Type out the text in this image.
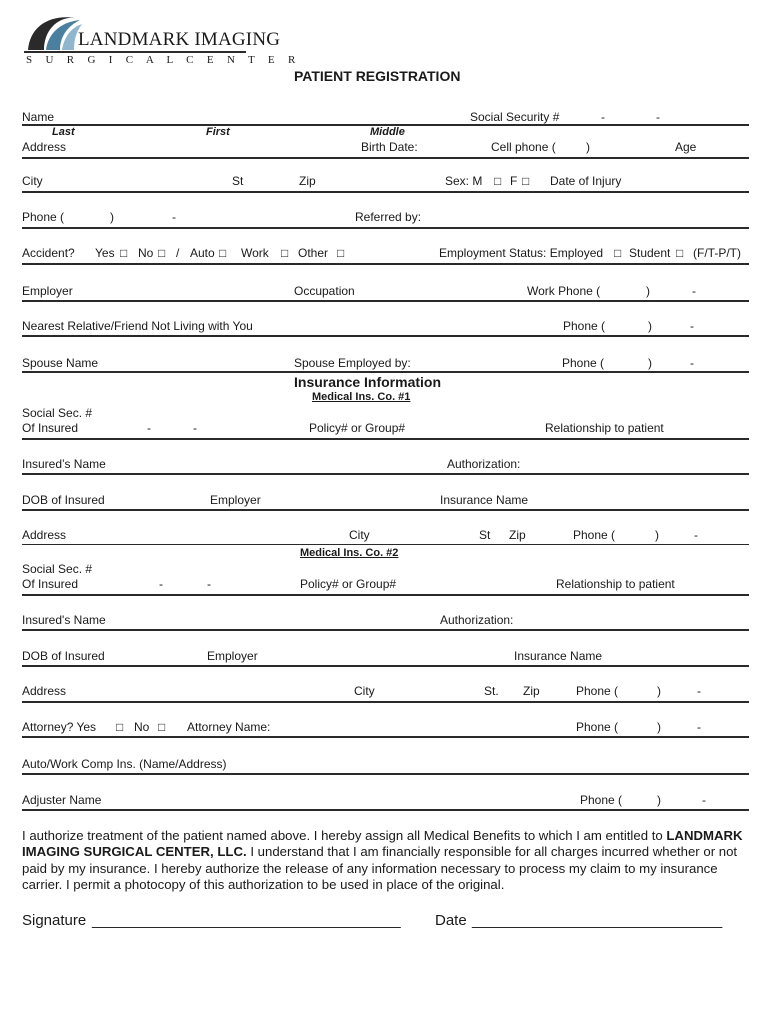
LANDMARK IMAGING
S U R G I C A L C E N T E R
PATIENT REGISTRATION
Name	Social Security #	-	-
Last	First	Middle
Address	Birth Date:	Cell phone (	)	Age
City	St	Zip	Sex: M □ F □ Date of Injury
Phone (	)	-	Referred by:
Accident? Yes □ No □ / Auto □ Work □ Other □	Employment Status: Employed □ Student □ (F/T-P/T)
Employer	Occupation	Work Phone (	)	-
Nearest Relative/Friend Not Living with You	Phone (	)	-
Spouse Name	Spouse Employed by:	Phone (	)	-
Insurance Information
Medical Ins. Co. #1
Social Sec. #
Of Insured	-	-	Policy# or Group#	Relationship to patient
Insured’s Name	Authorization:
DOB of Insured	Employer	Insurance Name
Address	City	St Zip	Phone (	)	-
Medical Ins. Co. #2
Social Sec. #
Of Insured	-	-	Policy# or Group#	Relationship to patient
Insured's Name	Authorization:
DOB of Insured	Employer	Insurance Name
Address	City	St. Zip	Phone (	)	-
Attorney? Yes □ No □ Attorney Name:	Phone (	)	-
Auto/Work Comp Ins. (Name/Address)
Adjuster Name	Phone (	)	-
I authorize treatment of the patient named above. I hereby assign all Medical Benefits to which I am entitled to LANDMARK IMAGING SURGICAL CENTER, LLC. I understand that I am financially responsible for all charges incurred whether or not paid by my insurance. I hereby authorize the release of any information necessary to process my claim to my insurance carrier. I permit a photocopy of this authorization to be used in place of the original.
Signature _____________________________________ Date ______________________________
